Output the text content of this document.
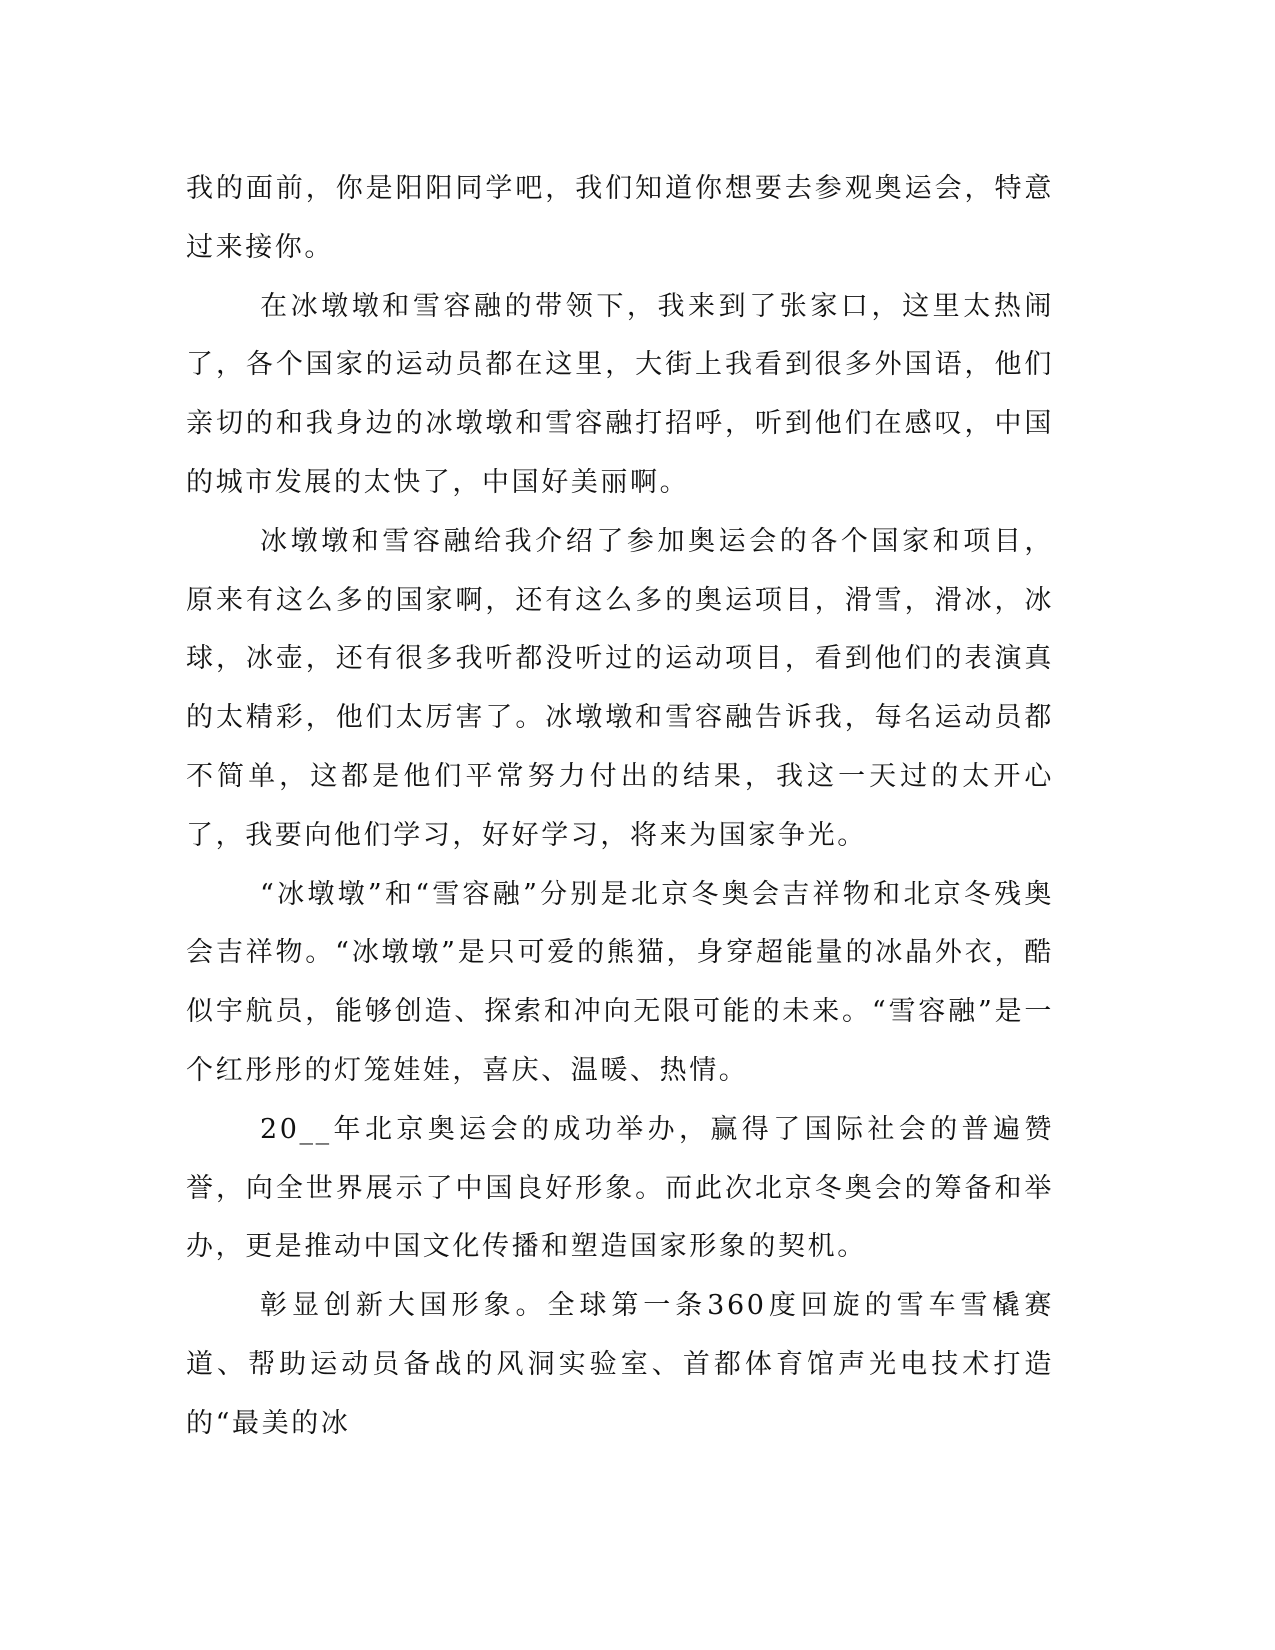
我的面前，你是阳阳同学吧，我们知道你想要去参观奥运会，特意过来接你。

在冰墩墩和雪容融的带领下，我来到了张家口，这里太热闹了，各个国家的运动员都在这里，大街上我看到很多外国语，他们亲切的和我身边的冰墩墩和雪容融打招呼，听到他们在感叹，中国的城市发展的太快了，中国好美丽啊。

冰墩墩和雪容融给我介绍了参加奥运会的各个国家和项目，原来有这么多的国家啊，还有这么多的奥运项目，滑雪，滑冰，冰球，冰壶，还有很多我听都没听过的运动项目，看到他们的表演真的太精彩，他们太厉害了。冰墩墩和雪容融告诉我，每名运动员都不简单，这都是他们平常努力付出的结果，我这一天过的太开心了，我要向他们学习，好好学习，将来为国家争光。

“冰墩墩”和“雪容融”分别是北京冬奥会吉祥物和北京冬残奥会吉祥物。“冰墩墩”是只可爱的熊猫，身穿超能量的冰晶外衣，酷似宇航员，能够创造、探索和冲向无限可能的未来。“雪容融”是一个红彤彤的灯笼娃娃，喜庆、温暖、热情。

20__年北京奥运会的成功举办，赢得了国际社会的普遍赞誉，向全世界展示了中国良好形象。而此次北京冬奥会的筹备和举办，更是推动中国文化传播和塑造国家形象的契机。

彰显创新大国形象。全球第一条360度回旋的雪车雪橇赛道、帮助运动员备战的风洞实验室、首都体育馆声光电技术打造的“最美的冰
